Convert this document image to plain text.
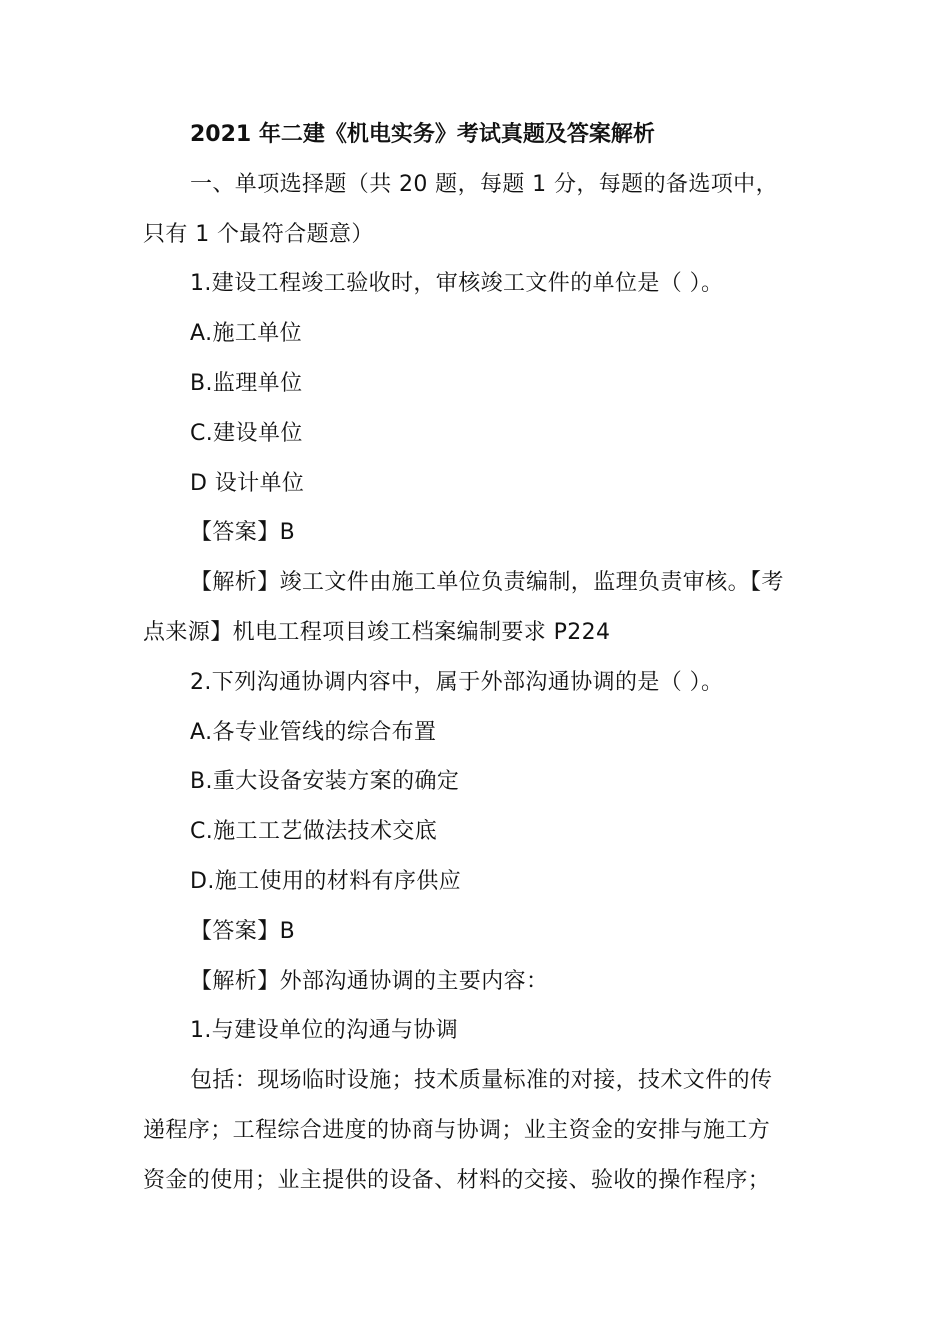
2021 年二建《机电实务》考试真题及答案解析
一、单项选择题（共 20 题，每题 1 分，每题的备选项中，
只有 1 个最符合题意）
1.建设工程竣工验收时，审核竣工文件的单位是（ ）。
A.施工单位
B.监理单位
C.建设单位
D 设计单位
【答案】B
【解析】竣工文件由施工单位负责编制，监理负责审核。【考
点来源】机电工程项目竣工档案编制要求 P224
2.下列沟通协调内容中，属于外部沟通协调的是（ ）。
A.各专业管线的综合布置
B.重大设备安装方案的确定
C.施工工艺做法技术交底
D.施工使用的材料有序供应
【答案】B
【解析】外部沟通协调的主要内容：
1.与建设单位的沟通与协调
包括：现场临时设施；技术质量标准的对接，技术文件的传
递程序；工程综合进度的协商与协调；业主资金的安排与施工方
资金的使用；业主提供的设备、材料的交接、验收的操作程序；
